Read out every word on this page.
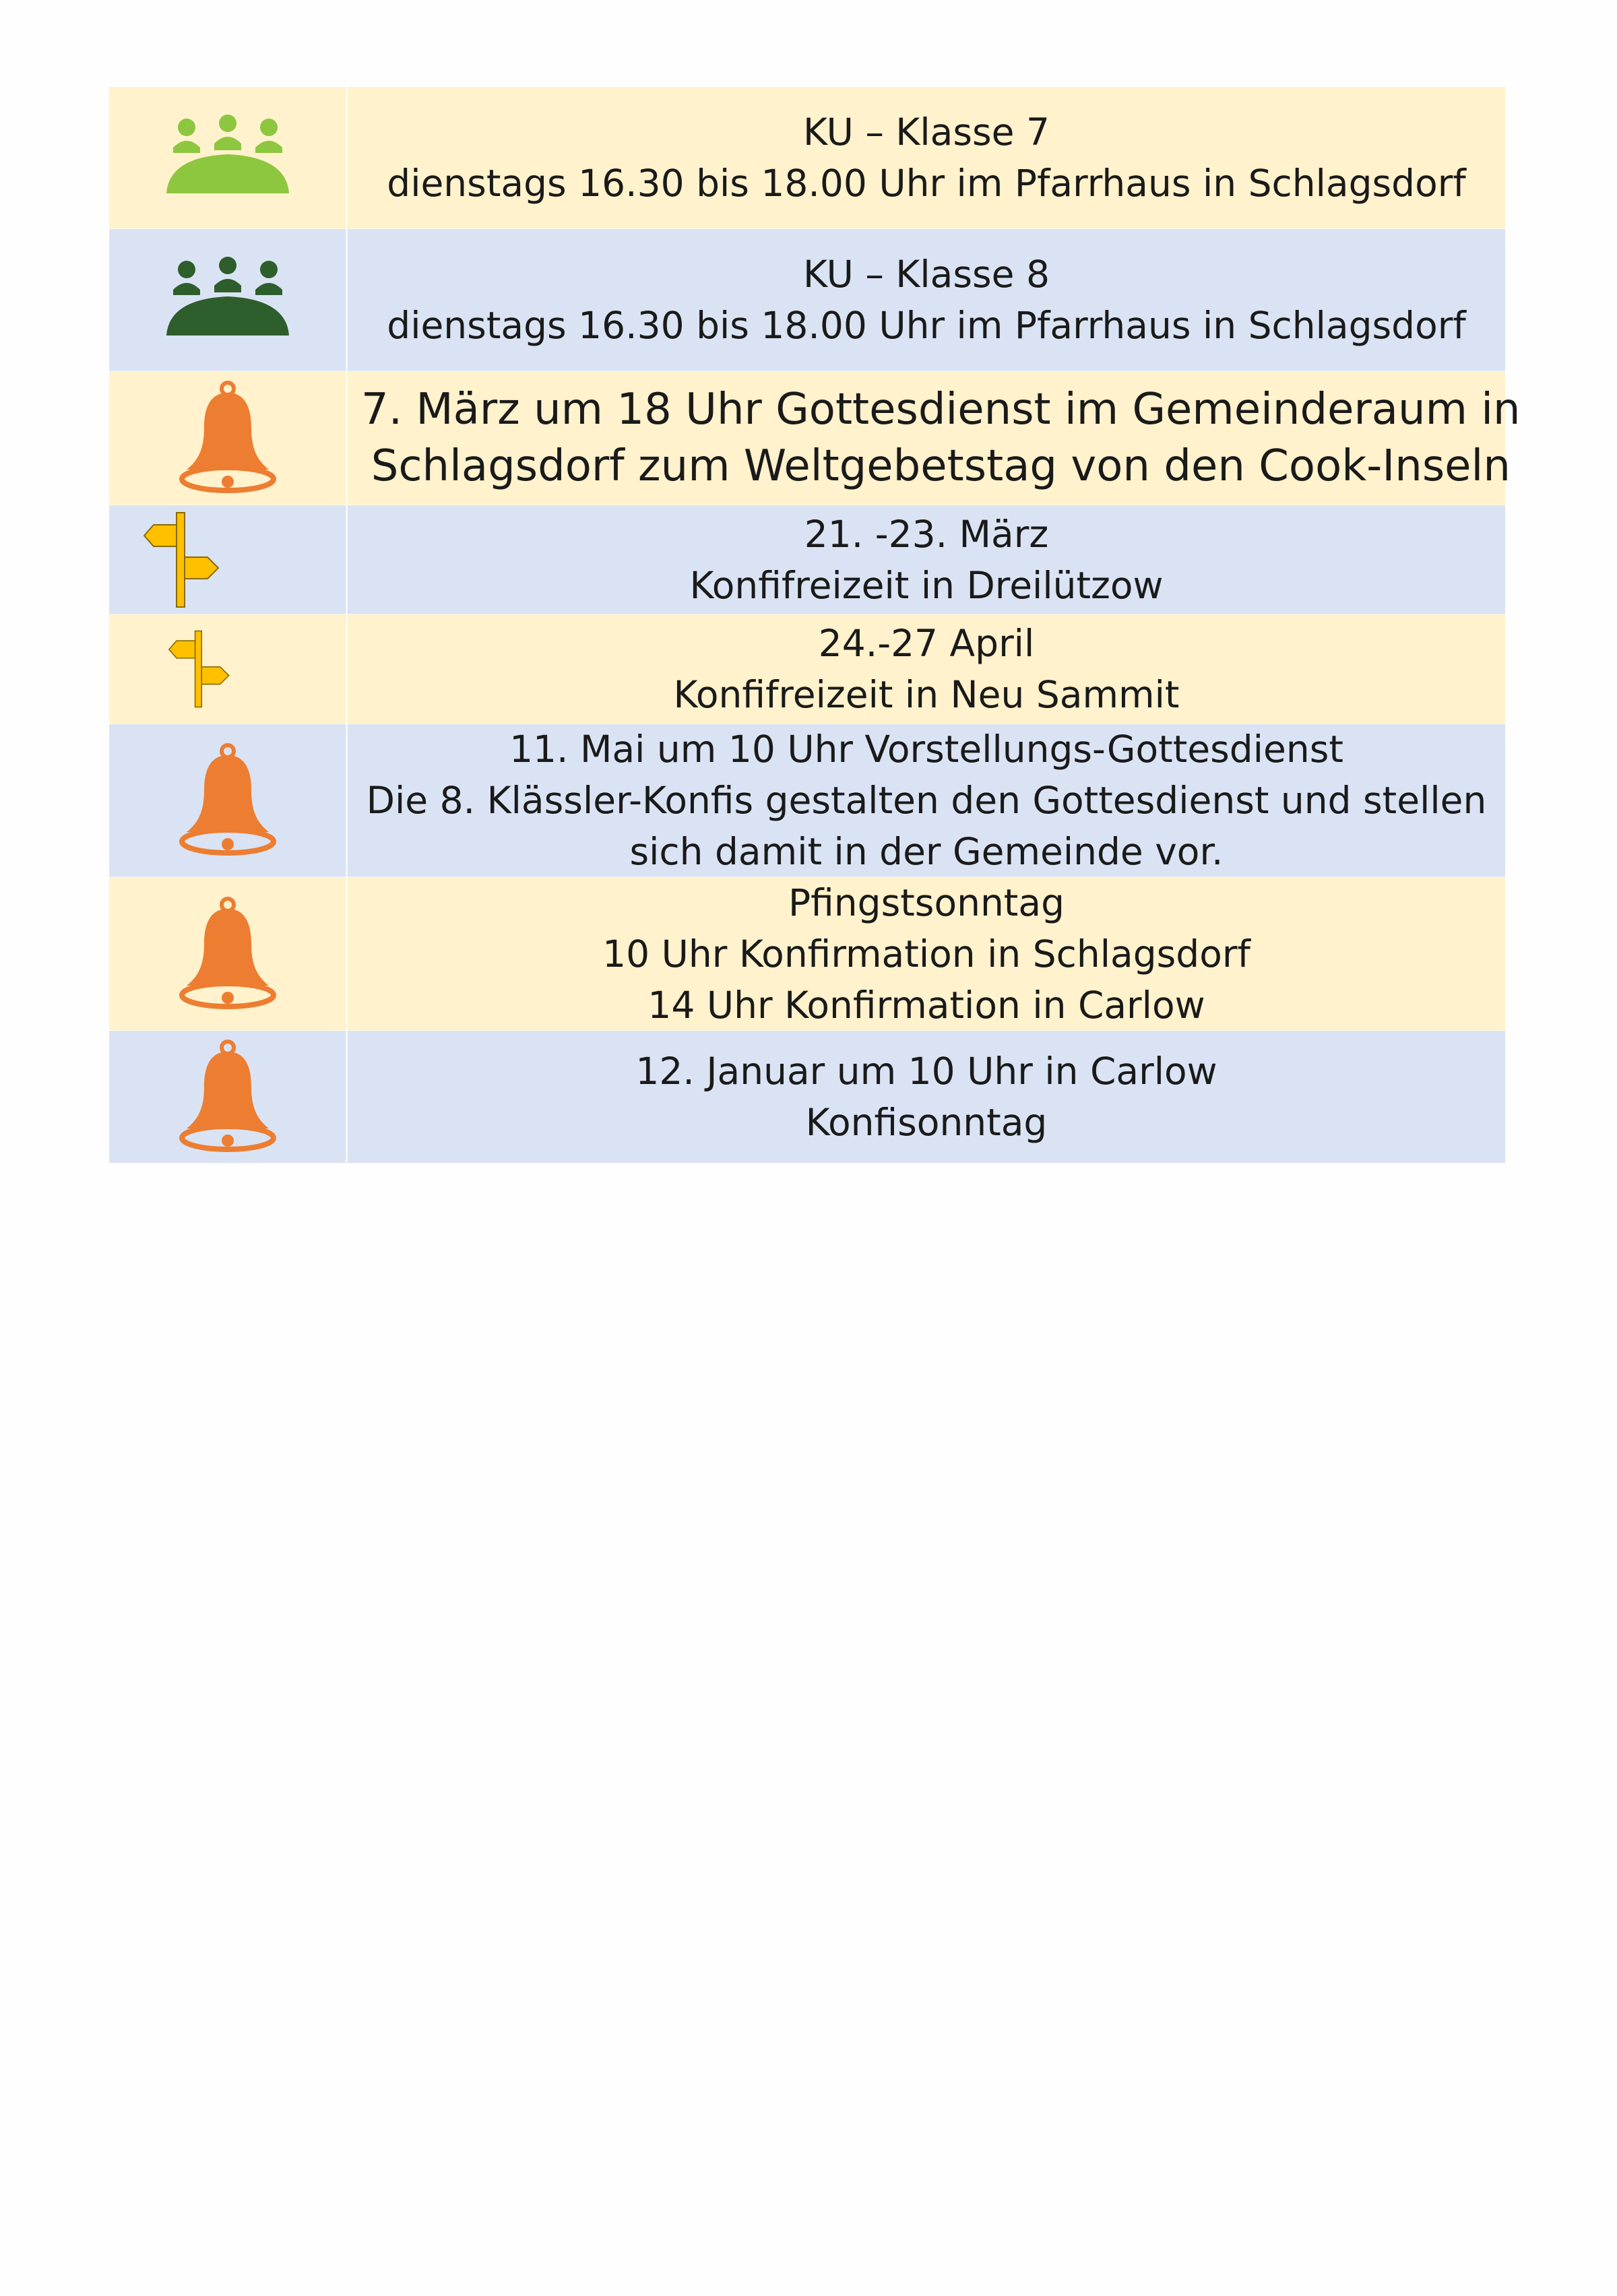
KU – Klasse 7
dienstags 16.30 bis 18.00 Uhr im Pfarrhaus in Schlagsdorf
KU – Klasse 8
dienstags 16.30 bis 18.00 Uhr im Pfarrhaus in Schlagsdorf
7. März um 18 Uhr Gottesdienst im Gemeinderaum in
Schlagsdorf zum Weltgebetstag von den Cook-Inseln
21. -23. März
Konfifreizeit in Dreilützow
24.-27 April
Konfifreizeit in Neu Sammit
11. Mai um 10 Uhr Vorstellungs-Gottesdienst
Die 8. Klässler-Konfis gestalten den Gottesdienst und stellen
sich damit in der Gemeinde vor.
Pfingstsonntag
10 Uhr Konfirmation in Schlagsdorf
14 Uhr Konfirmation in Carlow
12. Januar um 10 Uhr in Carlow
Konfisonntag
